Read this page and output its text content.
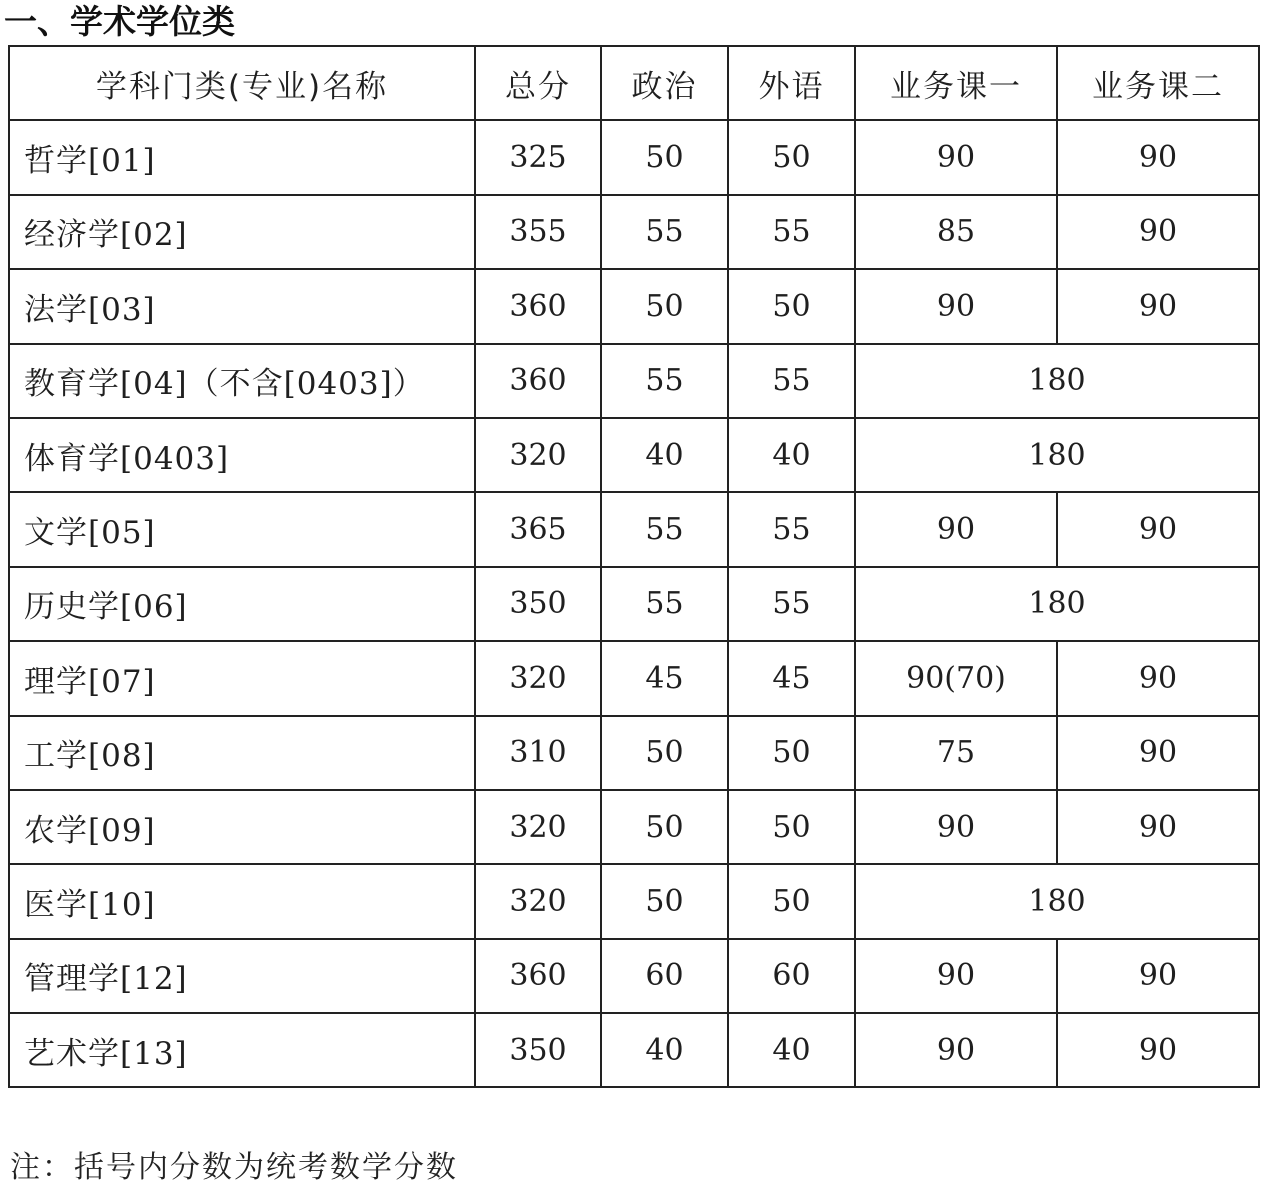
一、学术学位类
学科门类(专业)名称	总分	政治	外语	业务课一	业务课二
哲学[01]	325	50	50	90	90
经济学[02]	355	55	55	85	90
法学[03]	360	50	50	90	90
教育学[04]（不含[0403]）	360	55	55	180	
体育学[0403]	320	40	40	180	
文学[05]	365	55	55	90	90
历史学[06]	350	55	55	180	
理学[07]	320	45	45	90(70)	90
工学[08]	310	50	50	75	90
农学[09]	320	50	50	90	90
医学[10]	320	50	50	180	
管理学[12]	360	60	60	90	90
艺术学[13]	350	40	40	90	90
注：括号内分数为统考数学分数
